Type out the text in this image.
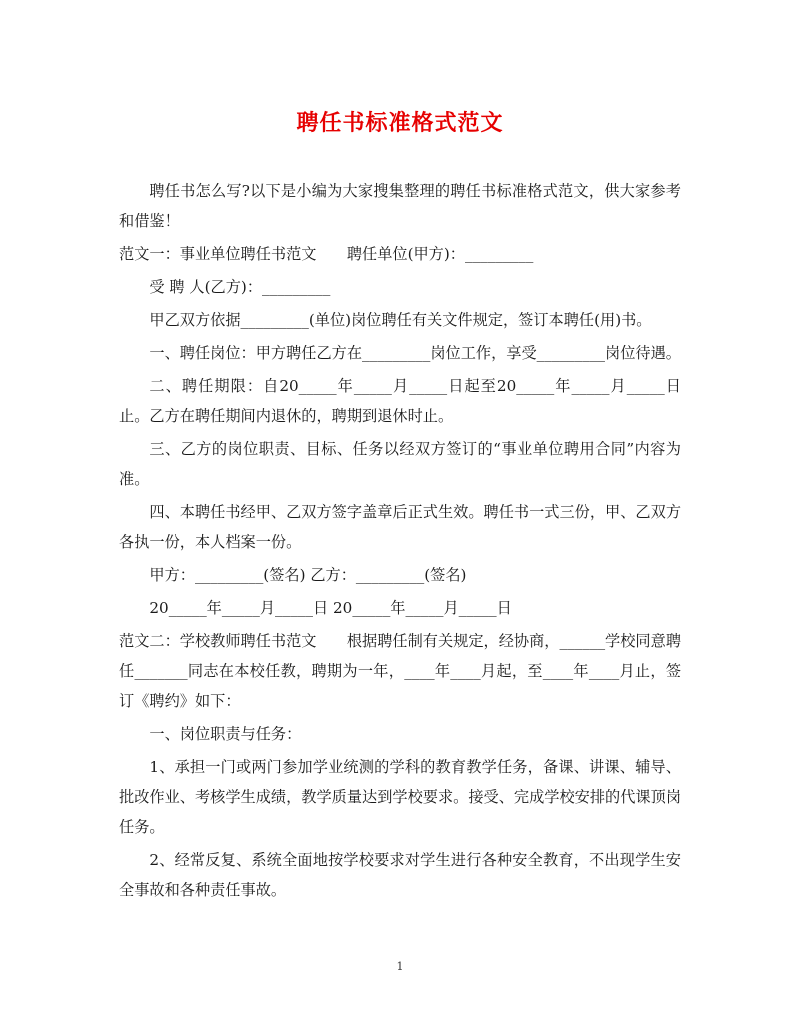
聘任书标准格式范文

聘任书怎么写?以下是小编为大家搜集整理的聘任书标准格式范文，供大家参考和借鉴！

范文一：事业单位聘任书范文　　聘任单位(甲方)：_________

受 聘 人(乙方)：_________

甲乙双方依据_________(单位)岗位聘任有关文件规定，签订本聘任(用)书。

一、聘任岗位：甲方聘任乙方在_________岗位工作，享受_________岗位待遇。

二、聘任期限：自20_____年_____月_____日起至20_____年_____月_____日止。乙方在聘任期间内退休的，聘期到退休时止。

三、乙方的岗位职责、目标、任务以经双方签订的“事业单位聘用合同”内容为准。

四、本聘任书经甲、乙双方签字盖章后正式生效。聘任书一式三份，甲、乙双方各执一份，本人档案一份。

甲方：_________(签名) 乙方：_________(签名)

20_____年_____月_____日 20_____年_____月_____日

范文二：学校教师聘任书范文　　根据聘任制有关规定，经协商，______学校同意聘任_______同志在本校任教，聘期为一年，____年____月起，至____年____月止，签订《聘约》如下：

一、岗位职责与任务：

1、承担一门或两门参加学业统测的学科的教育教学任务，备课、讲课、辅导、批改作业、考核学生成绩，教学质量达到学校要求。接受、完成学校安排的代课顶岗任务。

2、经常反复、系统全面地按学校要求对学生进行各种安全教育，不出现学生安全事故和各种责任事故。

1
